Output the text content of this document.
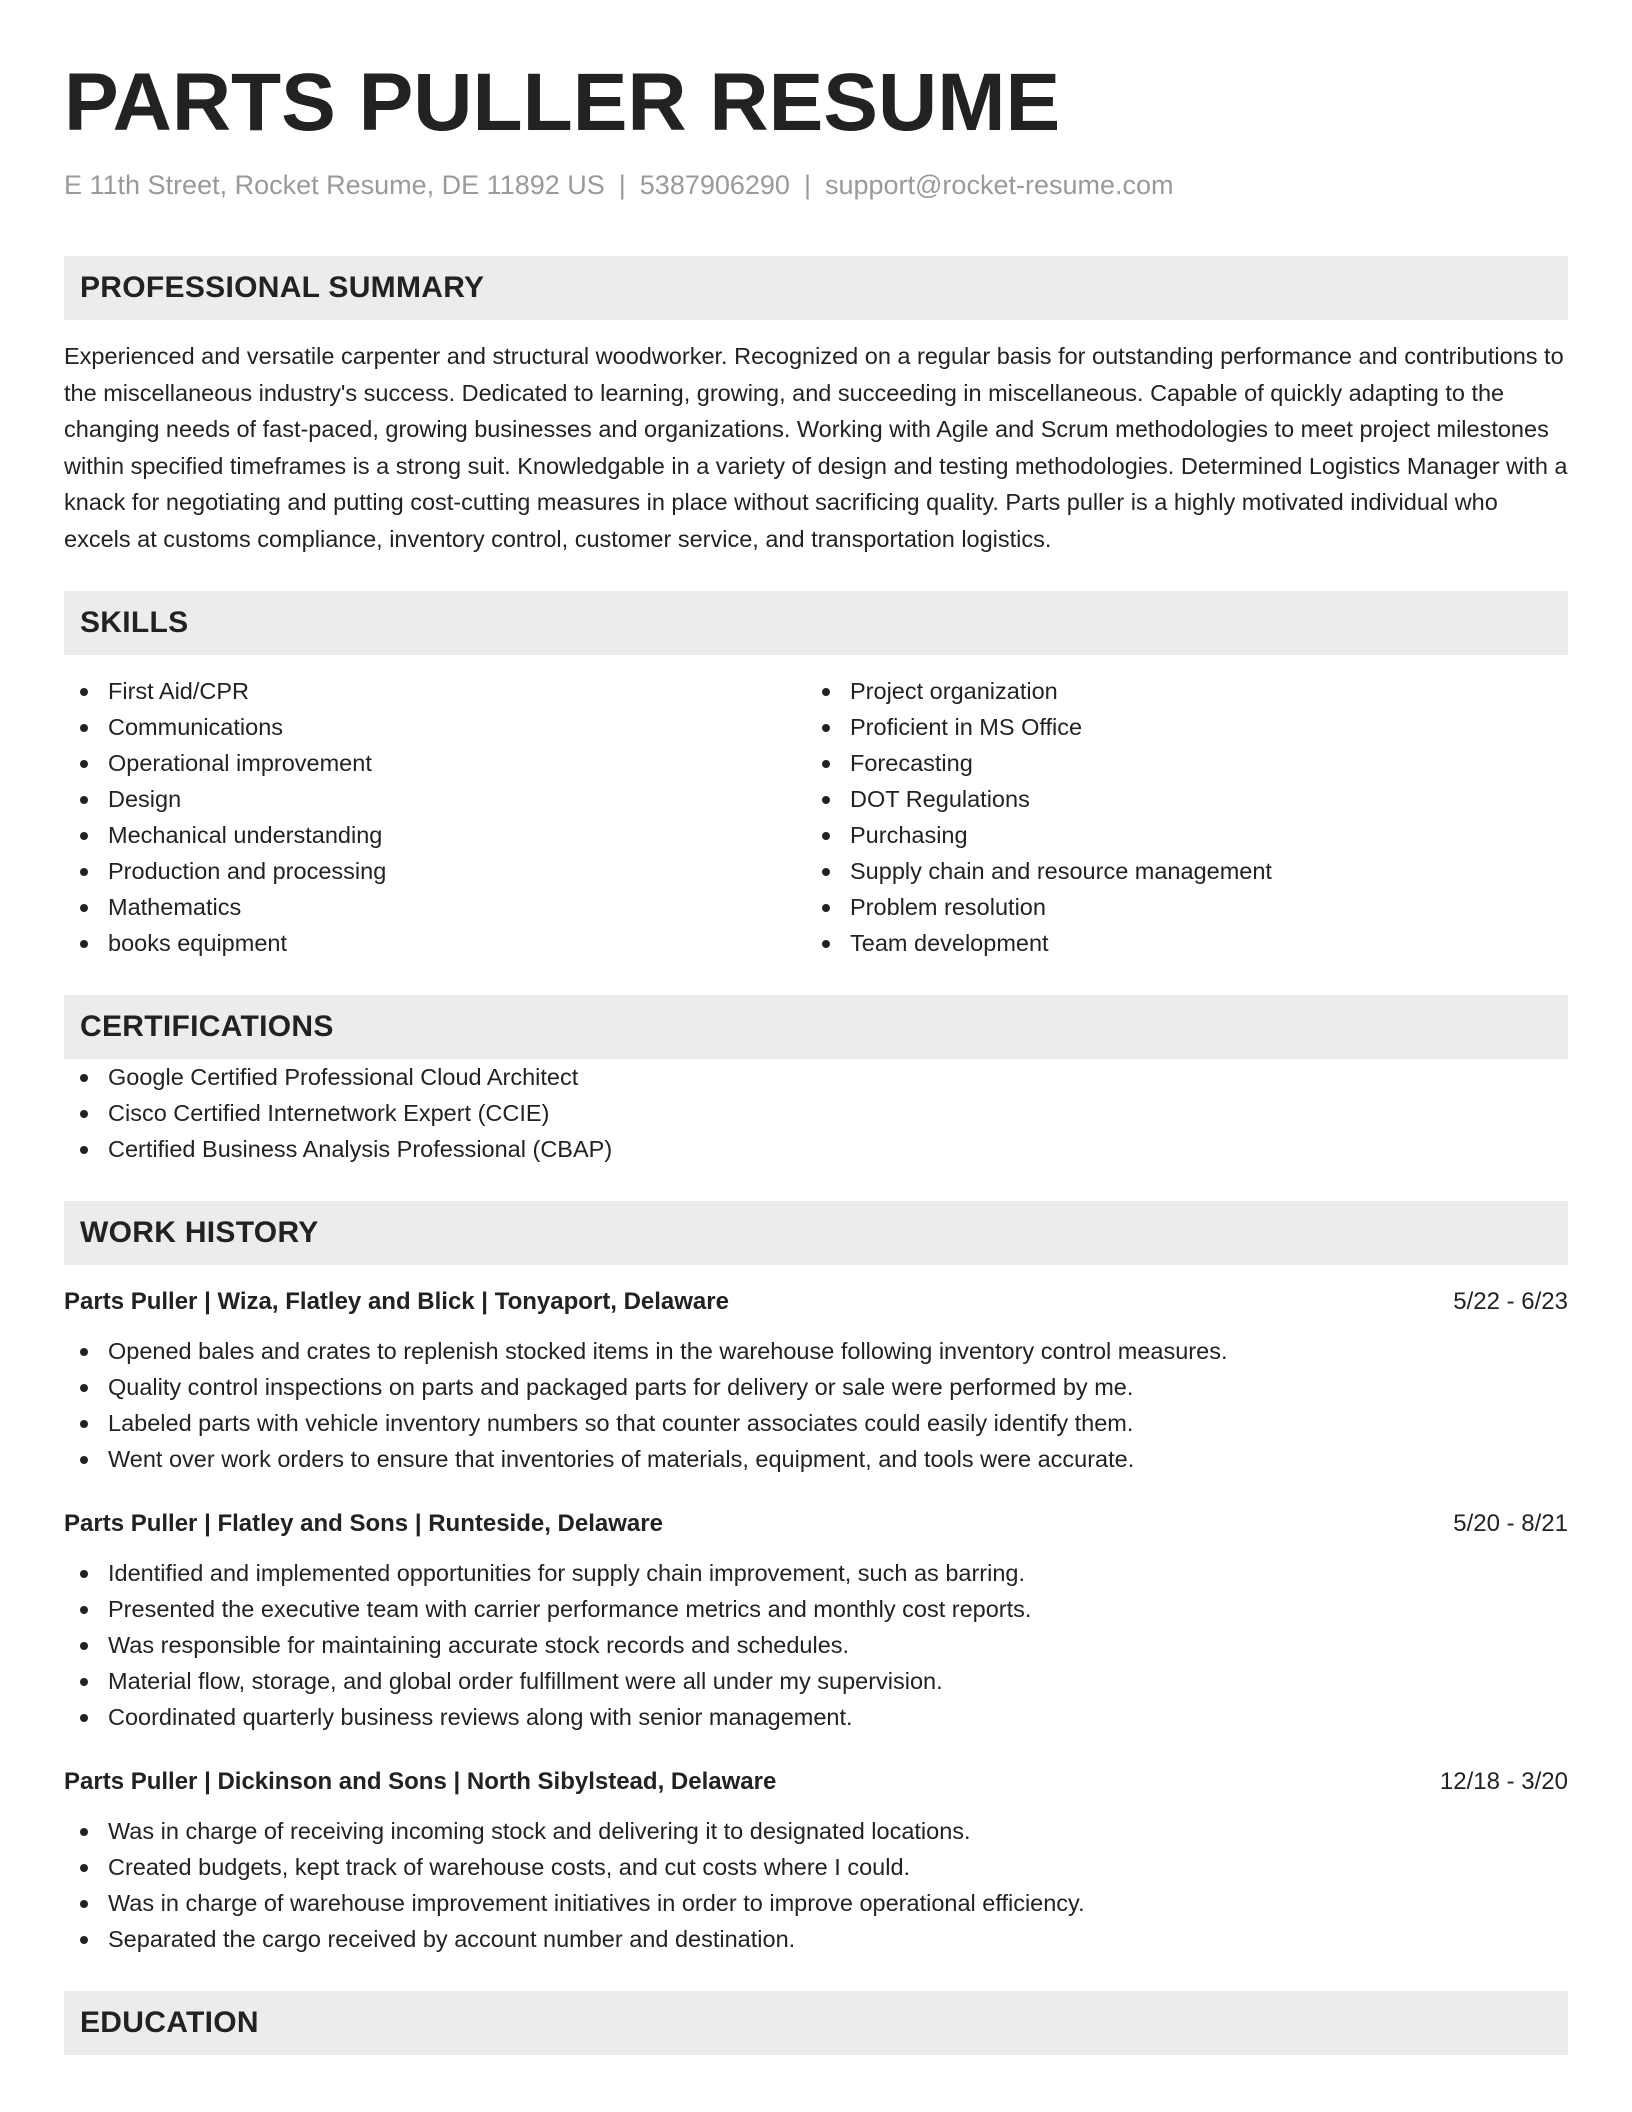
PARTS PULLER RESUME
E 11th Street, Rocket Resume, DE 11892 US | 5387906290 | support@rocket-resume.com
PROFESSIONAL SUMMARY
Experienced and versatile carpenter and structural woodworker. Recognized on a regular basis for outstanding performance and contributions to the miscellaneous industry's success. Dedicated to learning, growing, and succeeding in miscellaneous. Capable of quickly adapting to the changing needs of fast-paced, growing businesses and organizations. Working with Agile and Scrum methodologies to meet project milestones within specified timeframes is a strong suit. Knowledgable in a variety of design and testing methodologies. Determined Logistics Manager with a knack for negotiating and putting cost-cutting measures in place without sacrificing quality. Parts puller is a highly motivated individual who excels at customs compliance, inventory control, customer service, and transportation logistics.
SKILLS
First Aid/CPR
Communications
Operational improvement
Design
Mechanical understanding
Production and processing
Mathematics
books equipment
Project organization
Proficient in MS Office
Forecasting
DOT Regulations
Purchasing
Supply chain and resource management
Problem resolution
Team development
CERTIFICATIONS
Google Certified Professional Cloud Architect
Cisco Certified Internetwork Expert (CCIE)
Certified Business Analysis Professional (CBAP)
WORK HISTORY
Parts Puller | Wiza, Flatley and Blick | Tonyaport, Delaware	5/22 - 6/23
Opened bales and crates to replenish stocked items in the warehouse following inventory control measures.
Quality control inspections on parts and packaged parts for delivery or sale were performed by me.
Labeled parts with vehicle inventory numbers so that counter associates could easily identify them.
Went over work orders to ensure that inventories of materials, equipment, and tools were accurate.
Parts Puller | Flatley and Sons | Runteside, Delaware	5/20 - 8/21
Identified and implemented opportunities for supply chain improvement, such as barring.
Presented the executive team with carrier performance metrics and monthly cost reports.
Was responsible for maintaining accurate stock records and schedules.
Material flow, storage, and global order fulfillment were all under my supervision.
Coordinated quarterly business reviews along with senior management.
Parts Puller | Dickinson and Sons | North Sibylstead, Delaware	12/18 - 3/20
Was in charge of receiving incoming stock and delivering it to designated locations.
Created budgets, kept track of warehouse costs, and cut costs where I could.
Was in charge of warehouse improvement initiatives in order to improve operational efficiency.
Separated the cargo received by account number and destination.
EDUCATION
